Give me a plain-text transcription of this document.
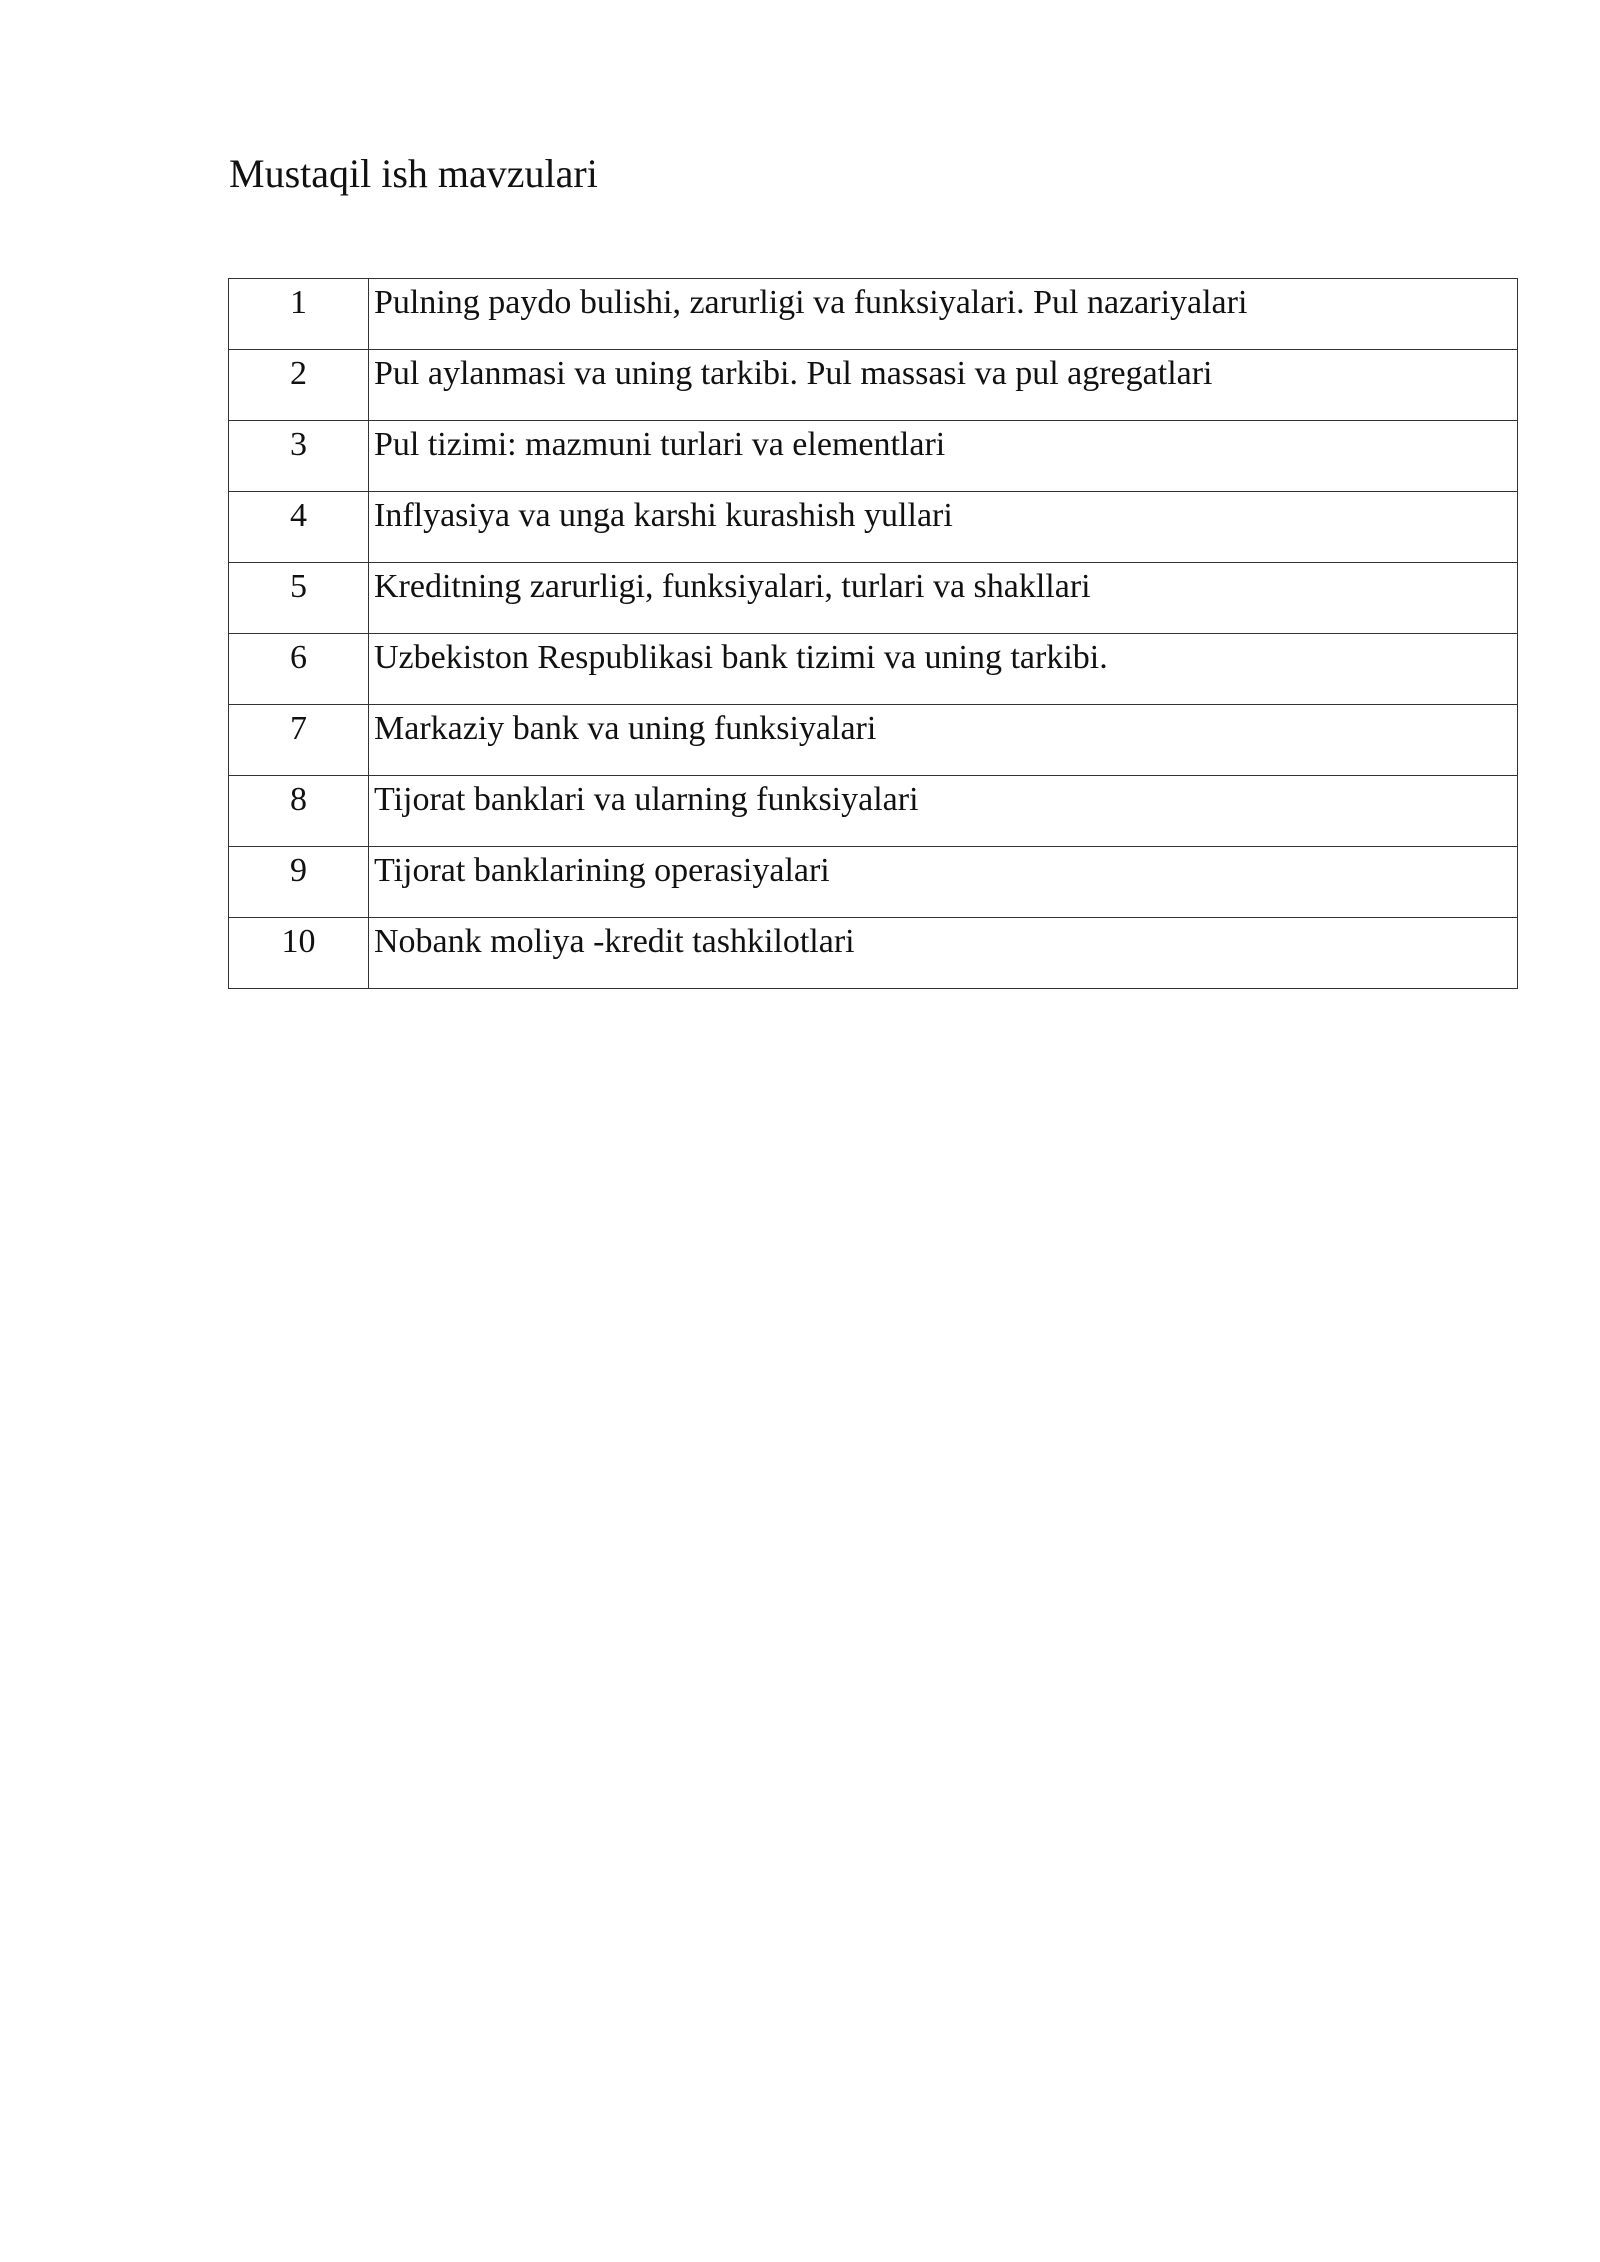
Mustaqil ish mavzulari
1	Pulning paydo bulishi, zarurligi va funksiyalari. Pul nazariyalari
2	Pul aylanmasi va uning tarkibi. Pul massasi va pul agregatlari
3	Pul tizimi: mazmuni turlari va elementlari
4	Inflyasiya va unga karshi kurashish yullari
5	Kreditning zarurligi, funksiyalari, turlari va shakllari
6	Uzbekiston Respublikasi bank tizimi va uning tarkibi.
7	Markaziy bank va uning funksiyalari
8	Tijorat banklari va ularning funksiyalari
9	Tijorat banklarining operasiyalari
10	Nobank moliya -kredit tashkilotlari
